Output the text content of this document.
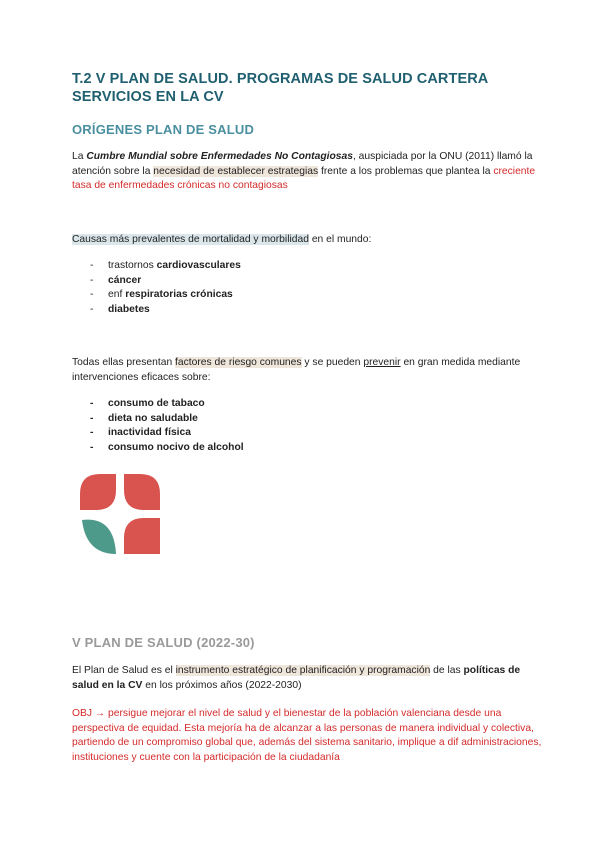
T.2 V PLAN DE SALUD. PROGRAMAS DE SALUD CARTERA SERVICIOS EN LA CV
ORÍGENES PLAN DE SALUD
La Cumbre Mundial sobre Enfermedades No Contagiosas, auspiciada por la ONU (2011) llamó la atención sobre la necesidad de establecer estrategias frente a los problemas que plantea la creciente tasa de enfermedades crónicas no contagiosas
Causas más prevalentes de mortalidad y morbilidad en el mundo:
- trastornos cardiovasculares
- cáncer
- enf respiratorias crónicas
- diabetes
Todas ellas presentan factores de riesgo comunes y se pueden prevenir en gran medida mediante intervenciones eficaces sobre:
- consumo de tabaco
- dieta no saludable
- inactividad física
- consumo nocivo de alcohol
V PLAN DE SALUD (2022-30)
El Plan de Salud es el instrumento estratégico de planificación y programación de las políticas de salud en la CV en los próximos años (2022-2030)
OBJ → persigue mejorar el nivel de salud y el bienestar de la población valenciana desde una perspectiva de equidad. Esta mejoría ha de alcanzar a las personas de manera individual y colectiva, partiendo de un compromiso global que, además del sistema sanitario, implique a dif administraciones, instituciones y cuente con la participación de la ciudadanía
